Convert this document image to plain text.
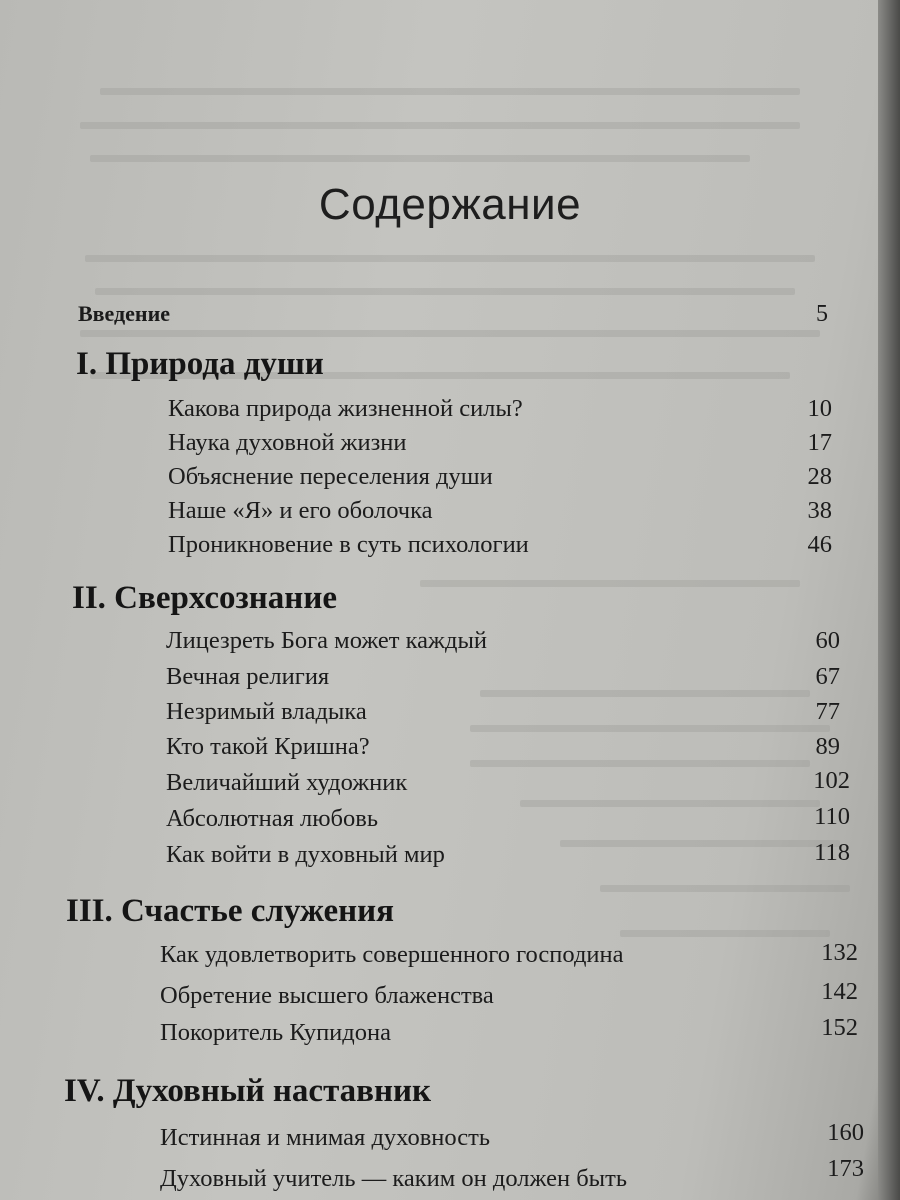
Содержание
Введение	5
I. Природа души
Какова природа жизненной силы?	10
Наука духовной жизни	17
Объяснение переселения души	28
Наше «Я» и его оболочка	38
Проникновение в суть психологии	46
II. Сверхсознание
Лицезреть Бога может каждый	60
Вечная религия	67
Незримый владыка	77
Кто такой Кришна?	89
Величайший художник	102
Абсолютная любовь	110
Как войти в духовный мир	118
III. Счастье служения
Как удовлетворить совершенного господина	132
Обретение высшего блаженства	142
Покоритель Купидона	152
IV. Духовный наставник
Истинная и мнимая духовность	160
Духовный учитель — каким он должен быть	173
